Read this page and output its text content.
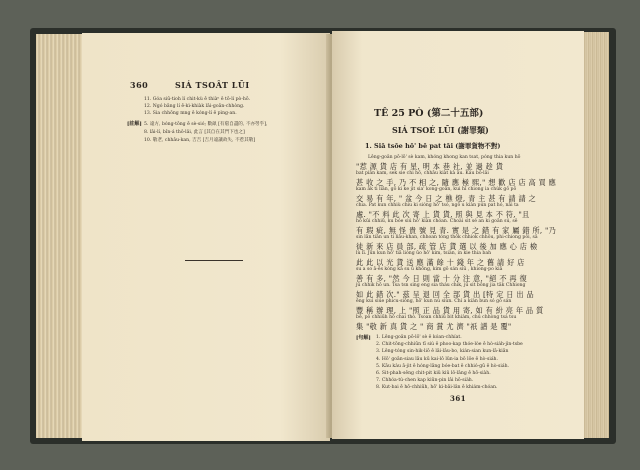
360	SIÁ TSOÂT LŪI
11. Góa siū-tioh lí chit-kù ê thiàⁿ ê tō-lí pò-hō.
12. Ngó bāng lí ē-kì-khiàk lāi-goān-chhòng.
13. Sia chhōng mng ê kóng-lí ê pìng-an.
[註解] 5. 遠方, bóng-tōng ē sè-sió; 數畝 [有窮自盡的, 不亦勞乎],
8. lāi-lí, bîn-á thô-lâi, 此言 [其自在其門下也之]
10. 敬老, chhâu-kan, 吉吉 [吉月遠讓故失, 不惹其敬]
TÊ 25 PÒ (第二十五部)
SIÁ TSOÉ LŪI (謝罪類)
1. Siā tsōe hō' bē pat tāi (謝罪貨物不對)
Lêng-goân pō-lō' sè kam, khóng khong kan tsat, póng thia kun hō
"惹 源 貨 店 有 星, 明 本 巷 社, 並 過 趁 貨
bat piān kam, sek sie chi hō, chhāu kiàt kà āu. Káu bō-lâi
甚 收 之 手, 乃 不 相 之, 隨 應 極 熙," 想 歡 店 店 高 買 應
kam āk ti liān, gō ki ke jit sia' kong-goān, kui hī chiong ia chùk gō pō
交 易 有 年, " 盆 今 日 之 樵 燈, 青 主 甚 有 請 請 之
chia. Pat kun chhiù chiu ki sióng hō' tsó, ngō u kiàn pún pat hó, nāi ta
處. "不 料 此 次 寄 上 貨 貨, 照 與 見 本 不 符, "且
hō kūi chhiū, ku bóe siú hō' kiàn chóan. Choài sit sé an ki goān sú, sê
有 瑕 疵, 無 怪 貴 號 見 青. 實 是 之 錯 有 家 屬 錯 所, "乃
sin lān tiān un ti liâu-khan, chhoan tóng thôk chhiok chhôu, phi-chiong pôi, sâ
徒 新 來 店 員 部, 疏 管 店 貨 選 以 後 加 應 心 店 檢
lù lī. Jūn kun hō' tiā lióng ūo hô' kim, tsiàn, in kie thia bah
此 此 以 光 貨 送 應 滿 餘 十 錢 年 之 舊 請 好 店
su a so ā-ēs kóng kā su ū khōng, kim gō sán siū , khiong-po kiā
善 有 多, "然 今 日 則 當 十 分 注 意, "絕 不 再 復
jū chhik hō un. Tsa tsn sing eng sia tháu chik, jū sit bōng jia tāk Chhiong
如 此 錯 次." 茲 呈 退 回 全 部 貨 出 [特 定 日 出 品
ēng kui siúe phicu-siông, hō' kun nú siùn. Chí a kiàn bun só gō sán
豐 稱 辦 理, 上 "照 正 品 貨 用 寄, 如 有 紛 亮 年 品 質
bē, pô chhiūh hō chai thò. Tsoan chhiū bit khiàm, chú chhòng tsá tsu
集 "敬 新 真 貨 之 " 商 賞 尤 濟 "祇 譜 是 覆"
[句解] 1. Lêng-goân pō-lō' sè ê kóan-chhíat.
2. Chit-tōng-chhiūn tī siú ê phoo-kap thóe-lòe ê hò-siáh-jìn-tsbe
3. Lêng-tóng sin-hik-liō ê lāi-lâu-bo, kián-sian kun-lā-kiān
4. Hō' goān-siau lāu kū kai-lô lûn-ia bô lôe ê hò-siáh.
5. Kāu kàu ā-jit ê hóng-lāng bóe-bat ê chhió-gū ê hò-siáh.
6. Sit-phah-sêng chit-pit kiû kiû lô-lāng ê hō-siàh.
7. Chhóa-tú-chen kap kiūn-pin lâi hō-siàh.
8. Kut-bai ē hō-chhiūh, hō' kì-bāi-lân ē khiám-chóan.
361
